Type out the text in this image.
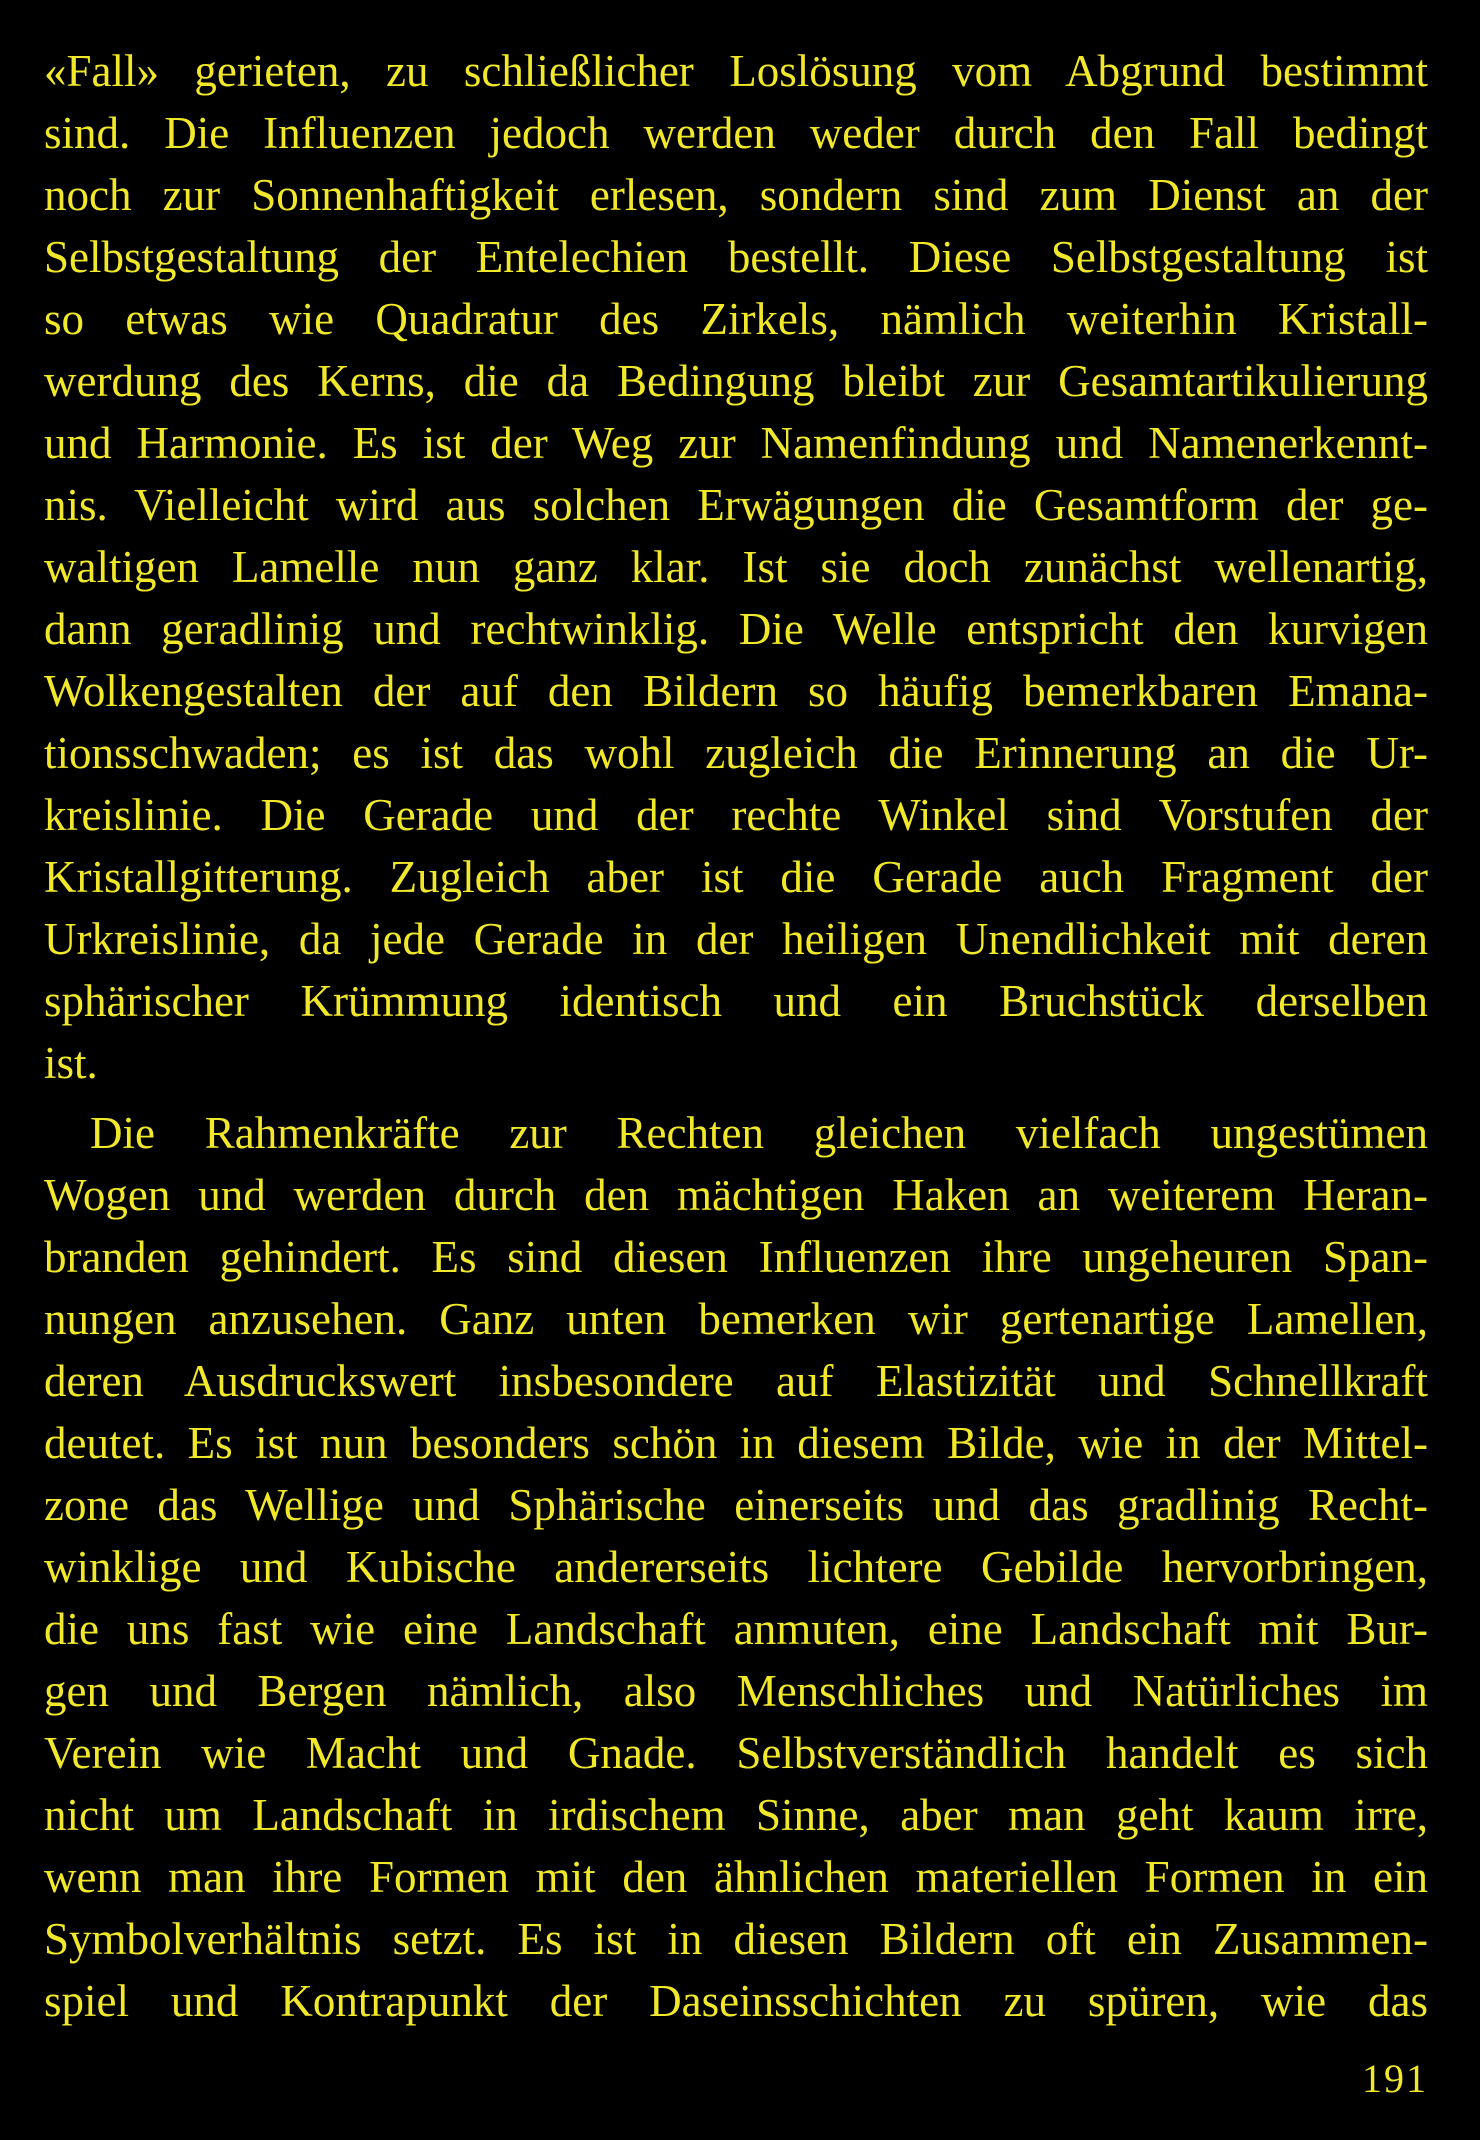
«Fall» gerieten, zu schließlicher Loslösung vom Abgrund bestimmt
sind. Die Influenzen jedoch werden weder durch den Fall bedingt
noch zur Sonnenhaftigkeit erlesen, sondern sind zum Dienst an der
Selbstgestaltung der Entelechien bestellt. Diese Selbstgestaltung ist
so etwas wie Quadratur des Zirkels, nämlich weiterhin Kristall-
werdung des Kerns, die da Bedingung bleibt zur Gesamtartikulierung
und Harmonie. Es ist der Weg zur Namenfindung und Namenerkennt-
nis. Vielleicht wird aus solchen Erwägungen die Gesamtform der ge-
waltigen Lamelle nun ganz klar. Ist sie doch zunächst wellenartig,
dann geradlinig und rechtwinklig. Die Welle entspricht den kurvigen
Wolkengestalten der auf den Bildern so häufig bemerkbaren Emana-
tionsschwaden; es ist das wohl zugleich die Erinnerung an die Ur-
kreislinie. Die Gerade und der rechte Winkel sind Vorstufen der
Kristallgitterung. Zugleich aber ist die Gerade auch Fragment der
Urkreislinie, da jede Gerade in der heiligen Unendlichkeit mit deren
sphärischer Krümmung identisch und ein Bruchstück derselben
ist.
Die Rahmenkräfte zur Rechten gleichen vielfach ungestümen
Wogen und werden durch den mächtigen Haken an weiterem Heran-
branden gehindert. Es sind diesen Influenzen ihre ungeheuren Span-
nungen anzusehen. Ganz unten bemerken wir gertenartige Lamellen,
deren Ausdruckswert insbesondere auf Elastizität und Schnellkraft
deutet. Es ist nun besonders schön in diesem Bilde, wie in der Mittel-
zone das Wellige und Sphärische einerseits und das gradlinig Recht-
winklige und Kubische andererseits lichtere Gebilde hervorbringen,
die uns fast wie eine Landschaft anmuten, eine Landschaft mit Bur-
gen und Bergen nämlich, also Menschliches und Natürliches im
Verein wie Macht und Gnade. Selbstverständlich handelt es sich
nicht um Landschaft in irdischem Sinne, aber man geht kaum irre,
wenn man ihre Formen mit den ähnlichen materiellen Formen in ein
Symbolverhältnis setzt. Es ist in diesen Bildern oft ein Zusammen-
spiel und Kontrapunkt der Daseinsschichten zu spüren, wie das
191
